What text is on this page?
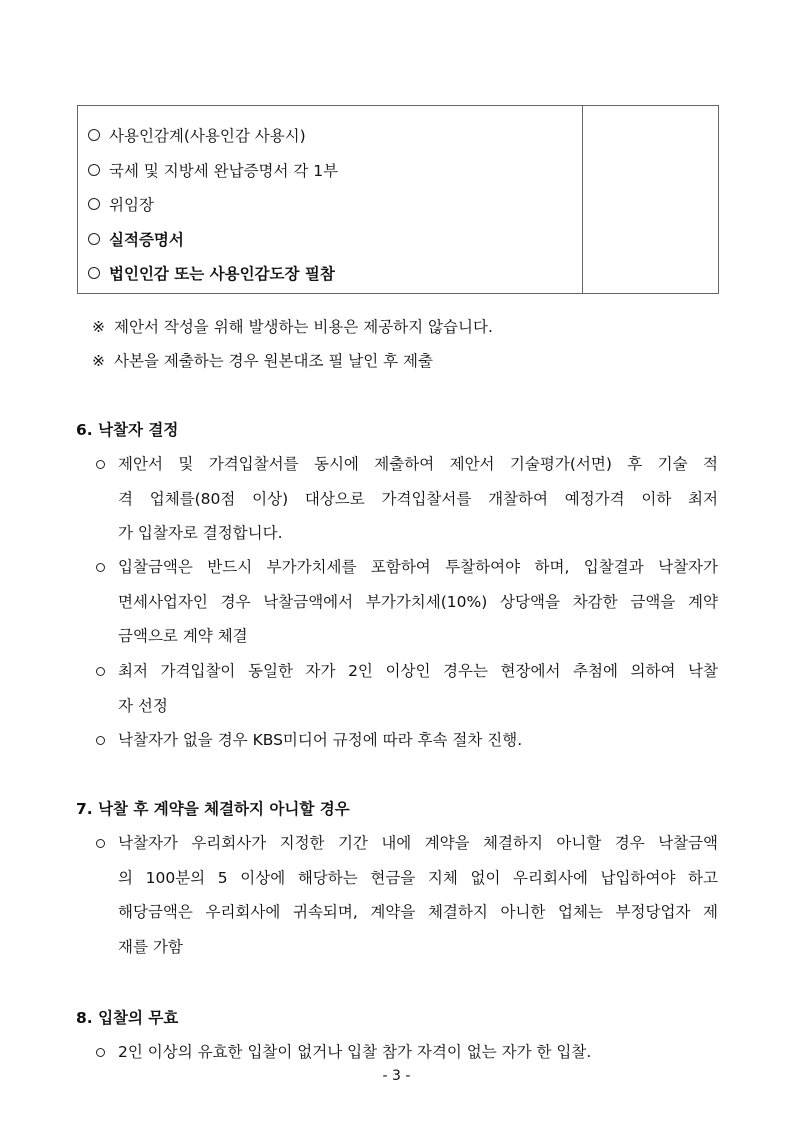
사용인감계(사용인감 사용시)
국세 및 지방세 완납증명서 각 1부
위임장
실적증명서
법인인감 또는 사용인감도장 필참
※ 제안서 작성을 위해 발생하는 비용은 제공하지 않습니다.
※ 사본을 제출하는 경우 원본대조 필 날인 후 제출
6. 낙찰자 결정
제안서 및 가격입찰서를 동시에 제출하여 제안서 기술평가(서면) 후 기술 적
격 업체를(80점 이상) 대상으로 가격입찰서를 개찰하여 예정가격 이하 최저
가 입찰자로 결정합니다.
입찰금액은 반드시 부가가치세를 포함하여 투찰하여야 하며, 입찰결과 낙찰자가
면세사업자인 경우 낙찰금액에서 부가가치세(10%) 상당액을 차감한 금액을 계약
금액으로 계약 체결
최저 가격입찰이 동일한 자가 2인 이상인 경우는 현장에서 추첨에 의하여 낙찰
자 선정
낙찰자가 없을 경우 KBS미디어 규정에 따라 후속 절차 진행.
7. 낙찰 후 계약을 체결하지 아니할 경우
낙찰자가 우리회사가 지정한 기간 내에 계약을 체결하지 아니할 경우 낙찰금액
의 100분의 5 이상에 해당하는 현금을 지체 없이 우리회사에 납입하여야 하고
해당금액은 우리회사에 귀속되며, 계약을 체결하지 아니한 업체는 부정당업자 제
재를 가함
8. 입찰의 무효
2인 이상의 유효한 입찰이 없거나 입찰 참가 자격이 없는 자가 한 입찰.
- 3 -
